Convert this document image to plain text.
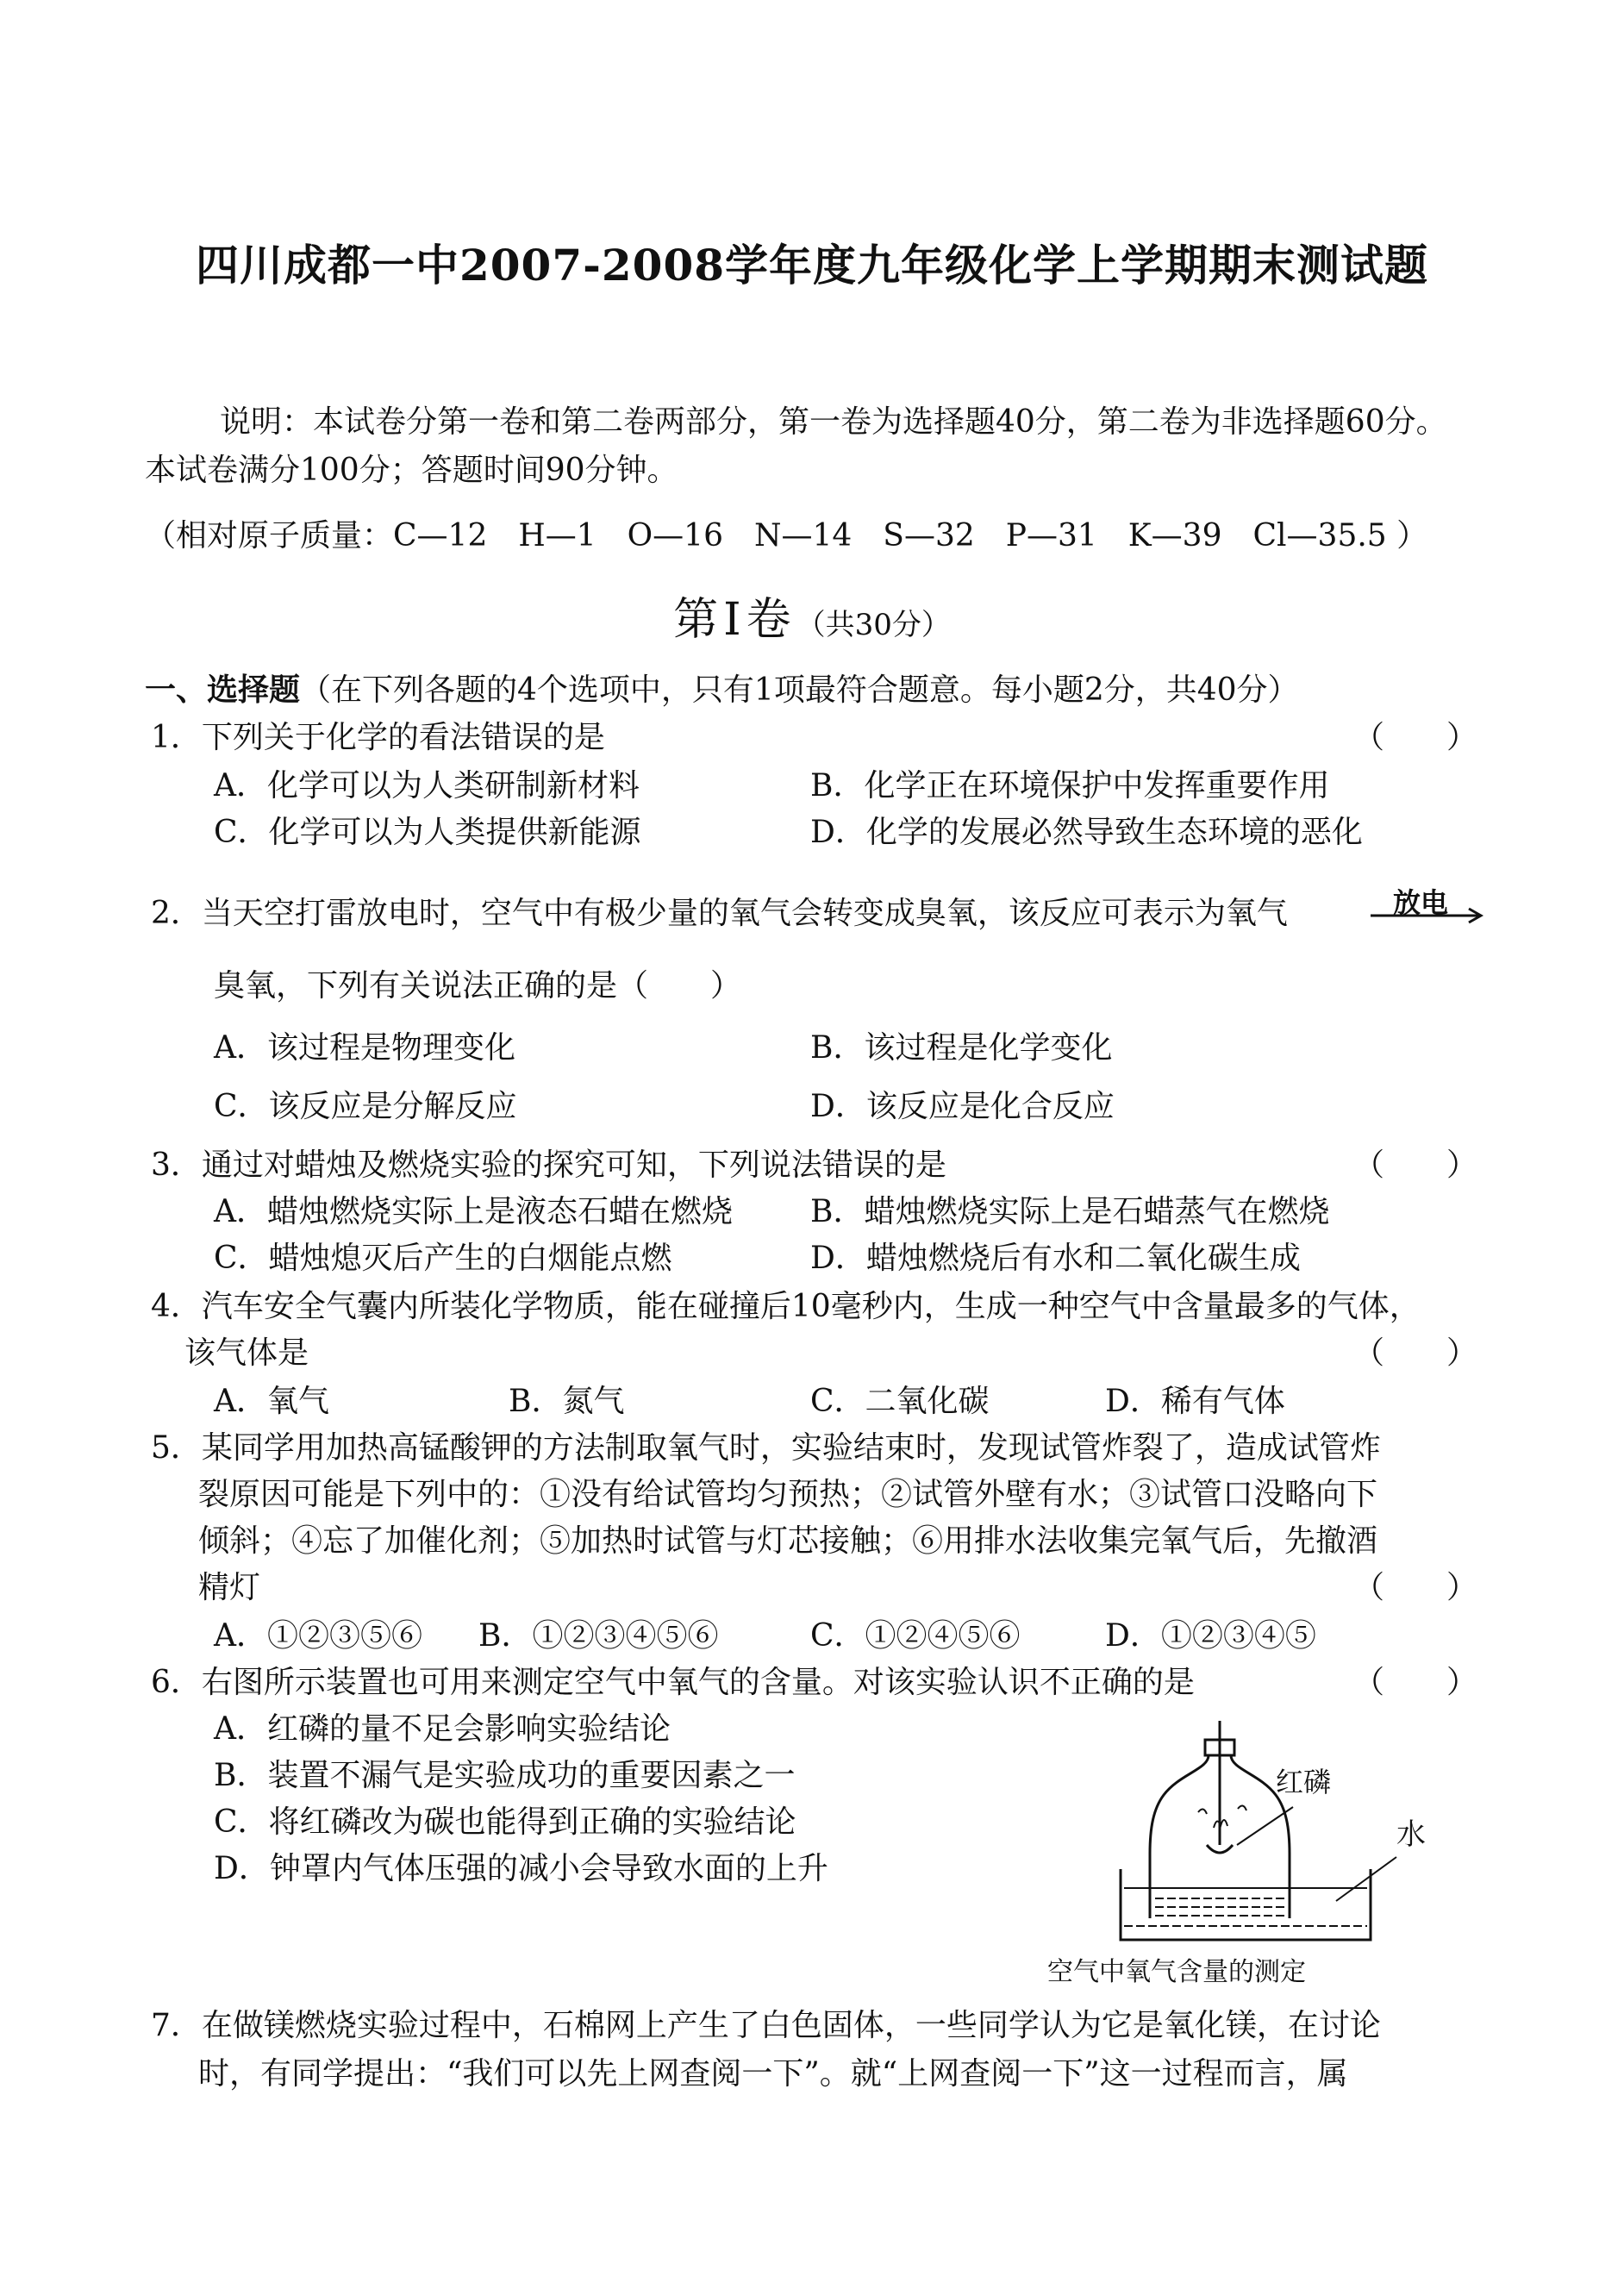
四川成都一中2007-2008学年度九年级化学上学期期末测试题
说明：本试卷分第一卷和第二卷两部分，第一卷为选择题40分，第二卷为非选择题60分。
本试卷满分100分；答题时间90分钟。
（相对原子质量：C—12　H—1　O—16　N—14　S—32　P—31　K—39　Cl—35.5 ）
第Ⅰ卷（共30分）
一、选择题（在下列各题的4个选项中，只有1项最符合题意。每小题2分，共40分）
1．下列关于化学的看法错误的是	（　　）
A．化学可以为人类研制新材料	B．化学正在环境保护中发挥重要作用
C．化学可以为人类提供新能源	D．化学的发展必然导致生态环境的恶化
2．当天空打雷放电时，空气中有极少量的氧气会转变成臭氧，该反应可表示为氧气	放电
臭氧，下列有关说法正确的是（　　）
A．该过程是物理变化	B．该过程是化学变化
C．该反应是分解反应	D．该反应是化合反应
3．通过对蜡烛及燃烧实验的探究可知，下列说法错误的是	（　　）
A．蜡烛燃烧实际上是液态石蜡在燃烧	B．蜡烛燃烧实际上是石蜡蒸气在燃烧
C．蜡烛熄灭后产生的白烟能点燃	D．蜡烛燃烧后有水和二氧化碳生成
4．汽车安全气囊内所装化学物质，能在碰撞后10毫秒内，生成一种空气中含量最多的气体，
该气体是	（　　）
A．氧气	B．氮气	C．二氧化碳	D．稀有气体
5．某同学用加热高锰酸钾的方法制取氧气时，实验结束时，发现试管炸裂了，造成试管炸
裂原因可能是下列中的：①没有给试管均匀预热；②试管外壁有水；③试管口没略向下
倾斜；④忘了加催化剂；⑤加热时试管与灯芯接触；⑥用排水法收集完氧气后，先撤酒
精灯	（　　）
A．①②③⑤⑥ B．①②③④⑤⑥	C．①②④⑤⑥	D．①②③④⑤
6．右图所示装置也可用来测定空气中氧气的含量。对该实验认识不正确的是	（　　）
A．红磷的量不足会影响实验结论
B．装置不漏气是实验成功的重要因素之一
C．将红磷改为碳也能得到正确的实验结论
D．钟罩内气体压强的减小会导致水面的上升
红磷
水
空气中氧气含量的测定
7．在做镁燃烧实验过程中，石棉网上产生了白色固体，一些同学认为它是氧化镁，在讨论
时，有同学提出：“我们可以先上网查阅一下”。就“上网查阅一下”这一过程而言，属
